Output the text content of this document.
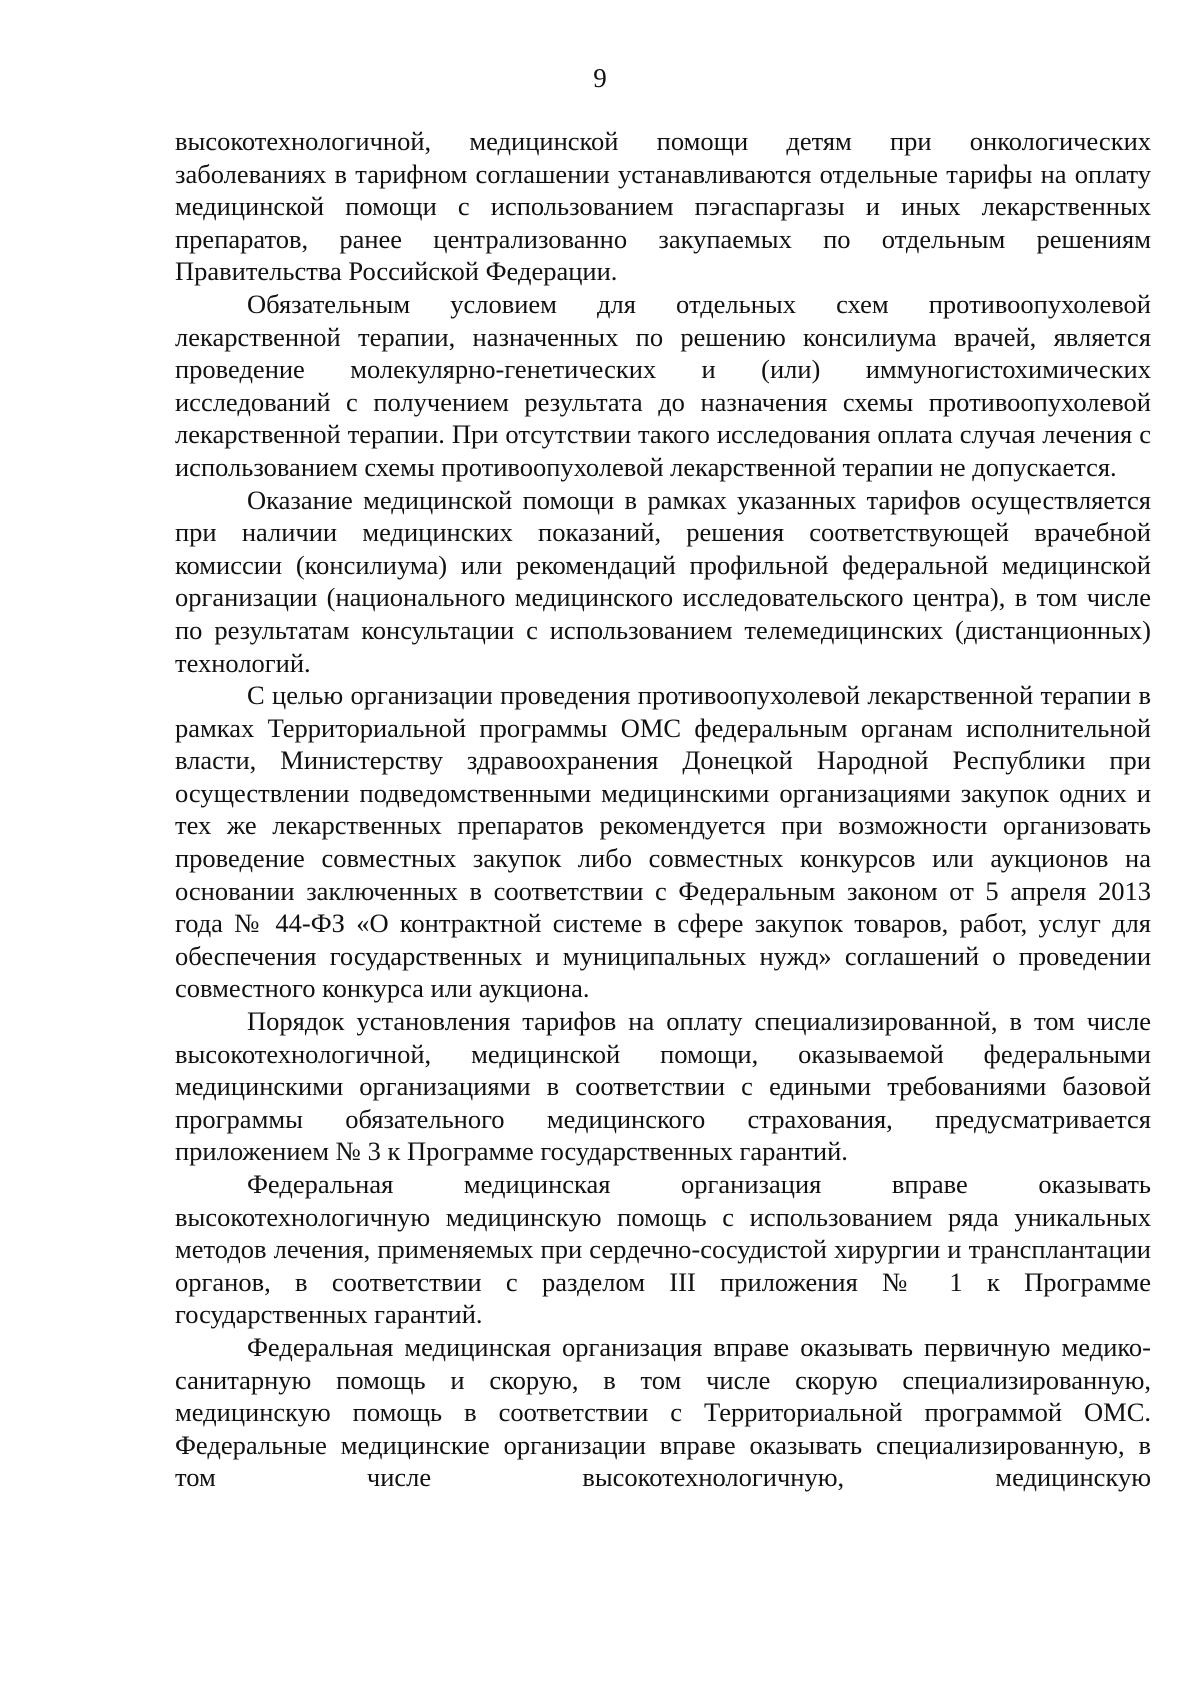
9

высокотехнологичной, медицинской помощи детям при онкологических заболеваниях в тарифном соглашении устанавливаются отдельные тарифы на оплату медицинской помощи с использованием пэгаспаргазы и иных лекарственных препаратов, ранее централизованно закупаемых по отдельным решениям Правительства Российской Федерации.

Обязательным условием для отдельных схем противоопухолевой лекарственной терапии, назначенных по решению консилиума врачей, является проведение молекулярно-генетических и (или) иммуногистохимических исследований с получением результата до назначения схемы противоопухолевой лекарственной терапии. При отсутствии такого исследования оплата случая лечения с использованием схемы противоопухолевой лекарственной терапии не допускается.

Оказание медицинской помощи в рамках указанных тарифов осуществляется при наличии медицинских показаний, решения соответствующей врачебной комиссии (консилиума) или рекомендаций профильной федеральной медицинской организации (национального медицинского исследовательского центра), в том числе по результатам консультации с использованием телемедицинских (дистанционных) технологий.

С целью организации проведения противоопухолевой лекарственной терапии в рамках Территориальной программы ОМС федеральным органам исполнительной власти, Министерству здравоохранения Донецкой Народной Республики при осуществлении подведомственными медицинскими организациями закупок одних и тех же лекарственных препаратов рекомендуется при возможности организовать проведение совместных закупок либо совместных конкурсов или аукционов на основании заключенных в соответствии с Федеральным законом от 5 апреля 2013 года № 44-ФЗ «О контрактной системе в сфере закупок товаров, работ, услуг для обеспечения государственных и муниципальных нужд» соглашений о проведении совместного конкурса или аукциона.

Порядок установления тарифов на оплату специализированной, в том числе высокотехнологичной, медицинской помощи, оказываемой федеральными медицинскими организациями в соответствии с едиными требованиями базовой программы обязательного медицинского страхования, предусматривается приложением № 3 к Программе государственных гарантий.

Федеральная медицинская организация вправе оказывать высокотехнологичную медицинскую помощь с использованием ряда уникальных методов лечения, применяемых при сердечно-сосудистой хирургии и трансплантации органов, в соответствии с разделом III приложения № 1 к Программе государственных гарантий.

Федеральная медицинская организация вправе оказывать первичную медико-санитарную помощь и скорую, в том числе скорую специализированную, медицинскую помощь в соответствии с Территориальной программой ОМС. Федеральные медицинские организации вправе оказывать специализированную, в том числе высокотехнологичную, медицинскую
